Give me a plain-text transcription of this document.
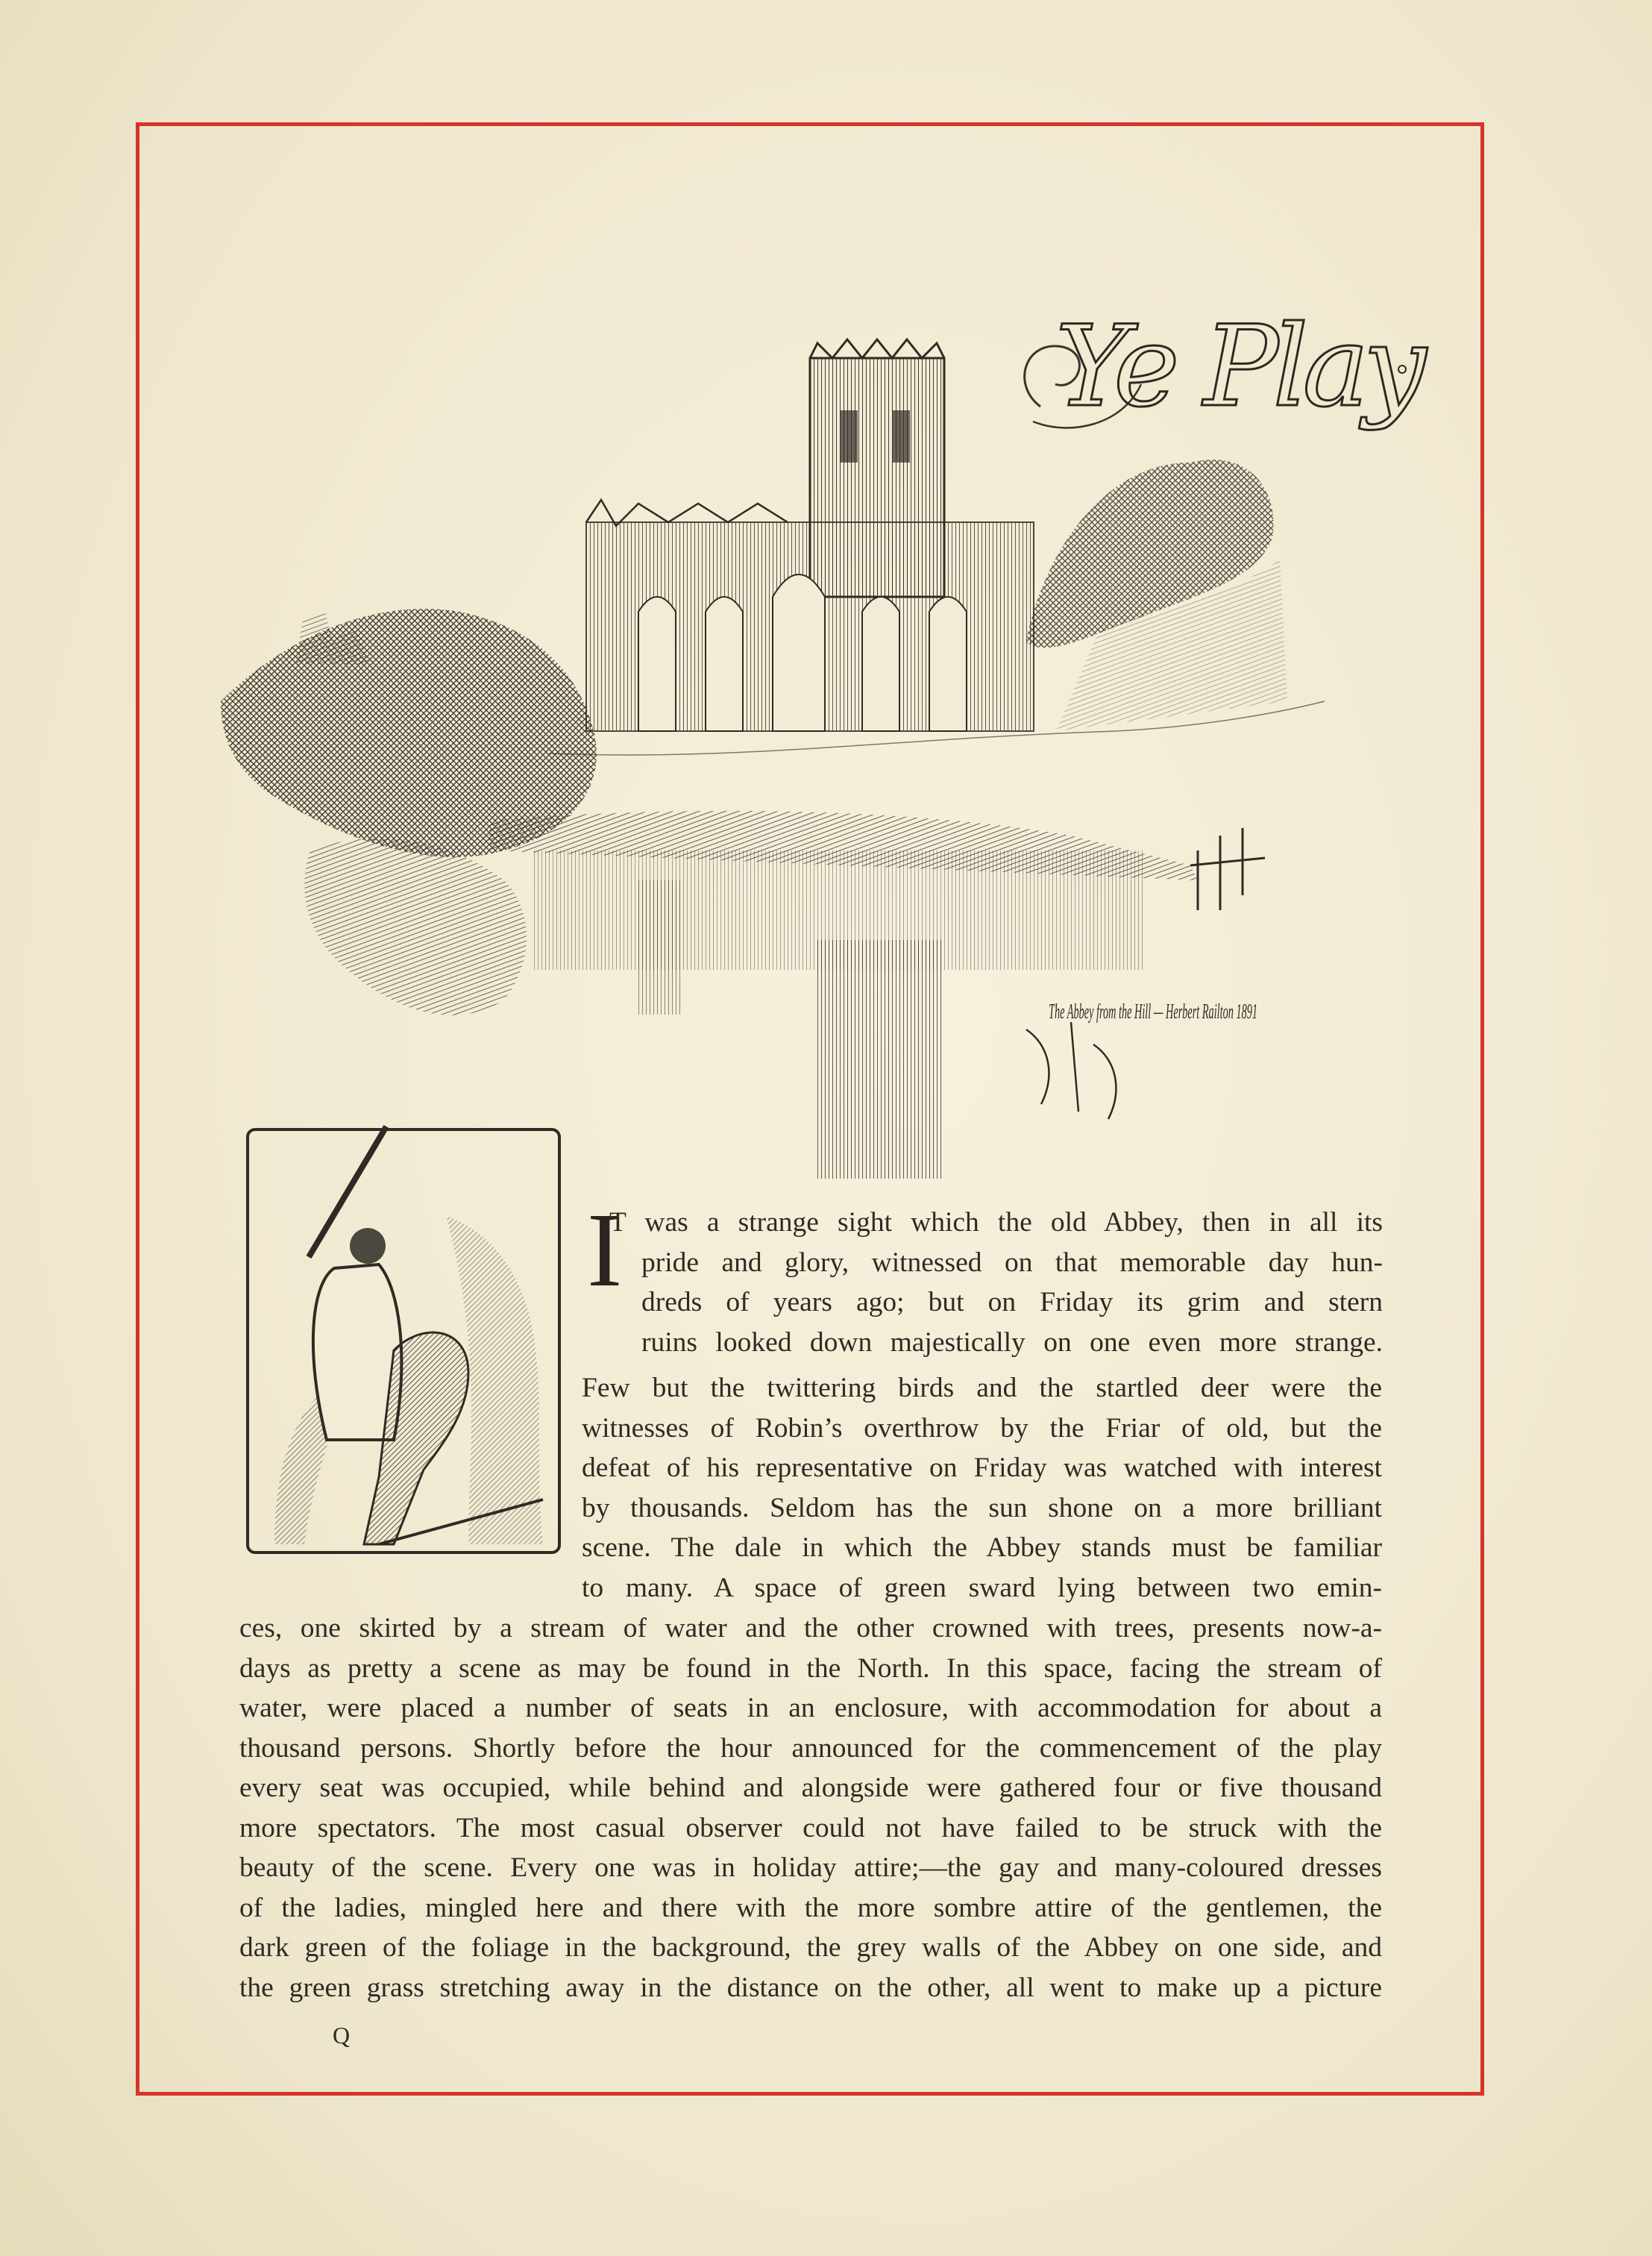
Ye Play
The Abbey from the Hill — Herbert Railton 1891
I
T was a strange sight which the old Abbey, then in all its
pride and glory, witnessed on that memorable day hun-
dreds of years ago; but on Friday its grim and stern
ruins looked down majestically on one even more strange.
Few but the twittering birds and the startled deer were the
witnesses of Robin’s overthrow by the Friar of old, but the
defeat of his representative on Friday was watched with interest
by thousands. Seldom has the sun shone on a more brilliant
scene. The dale in which the Abbey stands must be familiar
to many. A space of green sward lying between two emin-
ces, one skirted by a stream of water and the other crowned with trees, presents now-a-
days as pretty a scene as may be found in the North. In this space, facing the stream of
water, were placed a number of seats in an enclosure, with accommodation for about a
thousand persons. Shortly before the hour announced for the commencement of the play
every seat was occupied, while behind and alongside were gathered four or five thousand
more spectators. The most casual observer could not have failed to be struck with the
beauty of the scene. Every one was in holiday attire;—the gay and many-coloured dresses
of the ladies, mingled here and there with the more sombre attire of the gentlemen, the
dark green of the foliage in the background, the grey walls of the Abbey on one side, and
the green grass stretching away in the distance on the other, all went to make up a picture
Q
